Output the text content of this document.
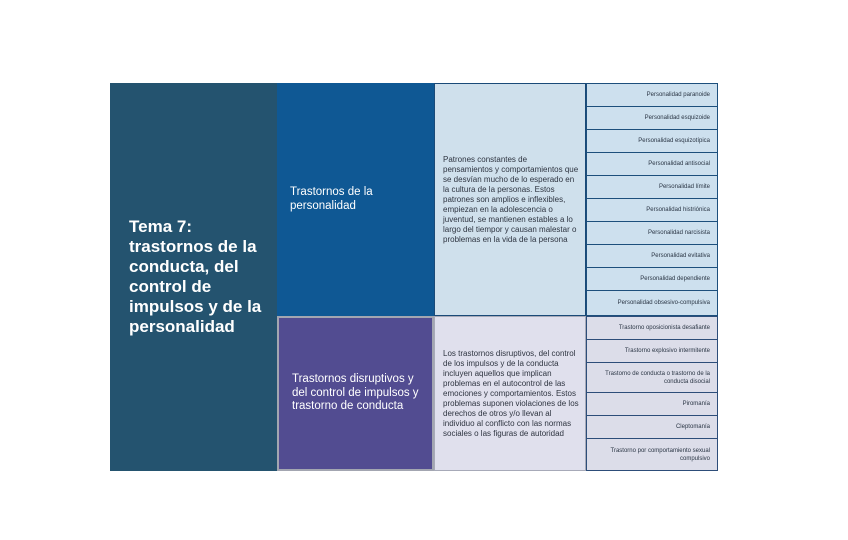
Tema 7: trastornos de la conducta, del control de impulsos y de la personalidad
Trastornos de la personalidad
Patrones constantes de pensamientos y comportamientos que se desvían mucho de lo esperado en la cultura de la personas. Estos patrones son amplios e inflexibles, empiezan en la adolescencia o juventud, se mantienen estables a lo largo del tiempor y causan malestar o problemas en la vida de la persona
Personalidad paranoide
Personalidad esquizoide
Personalidad esquizotípica
Personalidad antisocial
Personalidad límite
Personalidad histriónica
Personalidad narcisista
Personalidad evitativa
Personalidad dependiente
Personalidad obsesivo-compulsiva
Trastornos disruptivos y del control de impulsos y trastorno de conducta
Los trastornos disruptivos, del control de los impulsos y de la conducta incluyen aquellos que implican problemas en el autocontrol de las emociones y comportamientos. Estos problemas suponen violaciones de los derechos de otros y/o llevan al individuo al conflicto con las normas sociales o las figuras de autoridad
Trastorno oposicionista desafiante
Trastorno explosivo intermitente
Trastorno de conducta o trastorno de la conducta disocial
Piromanía
Cleptomanía
Trastorno por comportamiento sexual compulsivo
